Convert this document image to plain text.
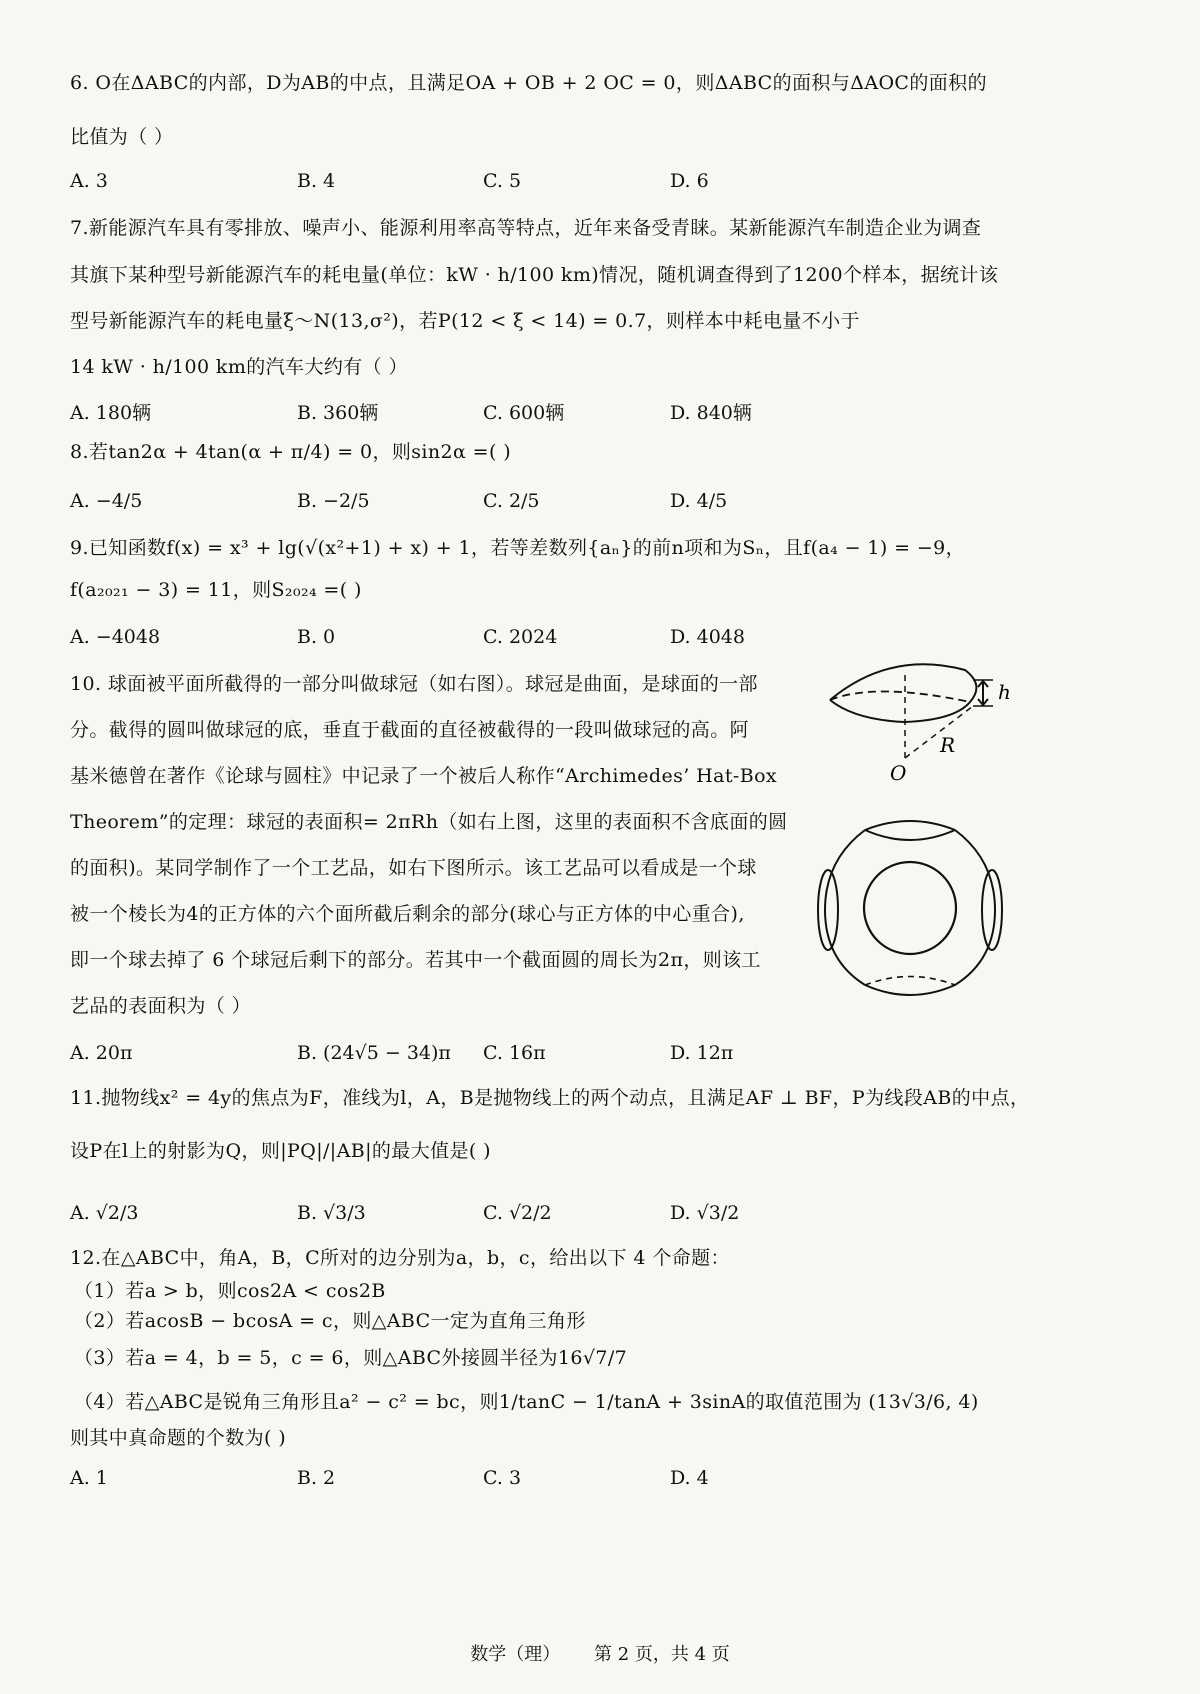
6. O在ΔABC的内部，D为AB的中点，且满足OA + OB + 2 OC = 0，则ΔABC的面积与ΔAOC的面积的
比值为（ ）
A. 3	B. 4	C. 5	D. 6
7.新能源汽车具有零排放、噪声小、能源利用率高等特点，近年来备受青睐。某新能源汽车制造企业为调查
其旗下某种型号新能源汽车的耗电量(单位：kW · h/100 km)情况，随机调查得到了1200个样本，据统计该
型号新能源汽车的耗电量ξ～N(13,σ²)，若P(12 < ξ < 14) = 0.7，则样本中耗电量不小于
14 kW · h/100 km的汽车大约有（ ）
A. 180辆	B. 360辆	C. 600辆	D. 840辆
8.若tan2α + 4tan(α + π/4) = 0，则sin2α =( )
A. −4/5	B. −2/5	C. 2/5	D. 4/5
9.已知函数f(x) = x³ + lg(√(x²+1) + x) + 1，若等差数列{aₙ}的前n项和为Sₙ，且f(a₄ − 1) = −9，
f(a₂₀₂₁ − 3) = 11，则S₂₀₂₄ =( )
A. −4048	B. 0	C. 2024	D. 4048
10. 球面被平面所截得的一部分叫做球冠（如右图）。球冠是曲面，是球面的一部
分。截得的圆叫做球冠的底，垂直于截面的直径被截得的一段叫做球冠的高。阿
基米德曾在著作《论球与圆柱》中记录了一个被后人称作“Archimedes’ Hat-Box
Theorem”的定理：球冠的表面积= 2πRh（如右上图，这里的表面积不含底面的圆
的面积)。某同学制作了一个工艺品，如右下图所示。该工艺品可以看成是一个球
被一个棱长为4的正方体的六个面所截后剩余的部分(球心与正方体的中心重合),
即一个球去掉了 6 个球冠后剩下的部分。若其中一个截面圆的周长为2π，则该工
艺品的表面积为（ ）
A. 20π	B. (24√5 − 34)π C. 16π	D. 12π
h
R
O
11.抛物线x² = 4y的焦点为F，准线为l，A，B是抛物线上的两个动点，且满足AF ⊥ BF，P为线段AB的中点，
设P在l上的射影为Q，则|PQ|/|AB|的最大值是( )
A. √2/3	B. √3/3	C. √2/2	D. √3/2
12.在△ABC中，角A，B，C所对的边分别为a，b，c，给出以下 4 个命题：
（1）若a > b，则cos2A < cos2B
（2）若acosB − bcosA = c，则△ABC一定为直角三角形
（3）若a = 4，b = 5，c = 6，则△ABC外接圆半径为16√7/7
（4）若△ABC是锐角三角形且a² − c² = bc，则1/tanC − 1/tanA + 3sinA的取值范围为 (13√3/6, 4)
则其中真命题的个数为( )
A. 1	B. 2	C. 3	D. 4
数学（理） 第 2 页，共 4 页
